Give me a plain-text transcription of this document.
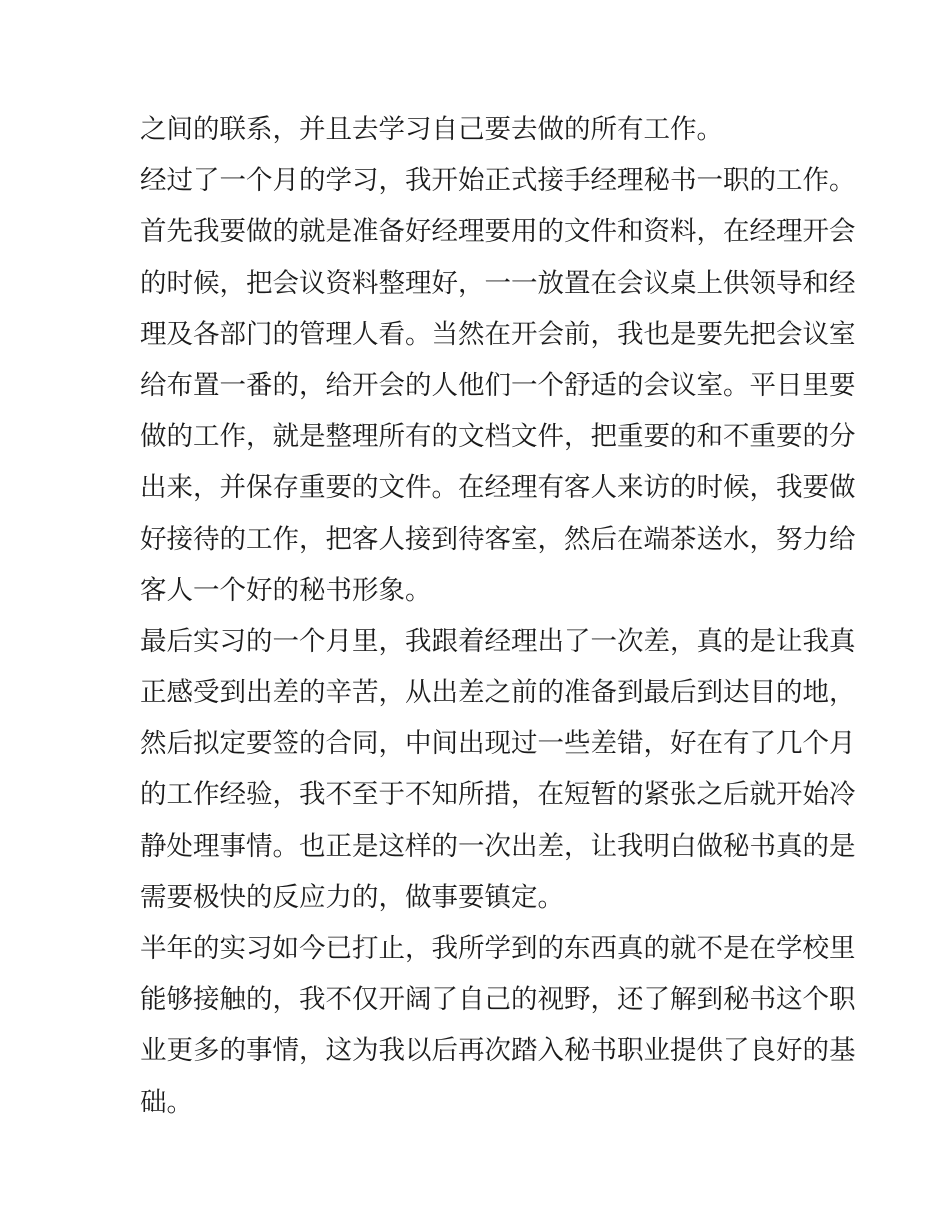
之间的联系，并且去学习自己要去做的所有工作。
经过了一个月的学习，我开始正式接手经理秘书一职的工作。
首先我要做的就是准备好经理要用的文件和资料，在经理开会
的时候，把会议资料整理好，一一放置在会议桌上供领导和经
理及各部门的管理人看。当然在开会前，我也是要先把会议室
给布置一番的，给开会的人他们一个舒适的会议室。平日里要
做的工作，就是整理所有的文档文件，把重要的和不重要的分
出来，并保存重要的文件。在经理有客人来访的时候，我要做
好接待的工作，把客人接到待客室，然后在端茶送水，努力给
客人一个好的秘书形象。
最后实习的一个月里，我跟着经理出了一次差，真的是让我真
正感受到出差的辛苦，从出差之前的准备到最后到达目的地，
然后拟定要签的合同，中间出现过一些差错，好在有了几个月
的工作经验，我不至于不知所措，在短暂的紧张之后就开始冷
静处理事情。也正是这样的一次出差，让我明白做秘书真的是
需要极快的反应力的，做事要镇定。
半年的实习如今已打止，我所学到的东西真的就不是在学校里
能够接触的，我不仅开阔了自己的视野，还了解到秘书这个职
业更多的事情，这为我以后再次踏入秘书职业提供了良好的基
础。
